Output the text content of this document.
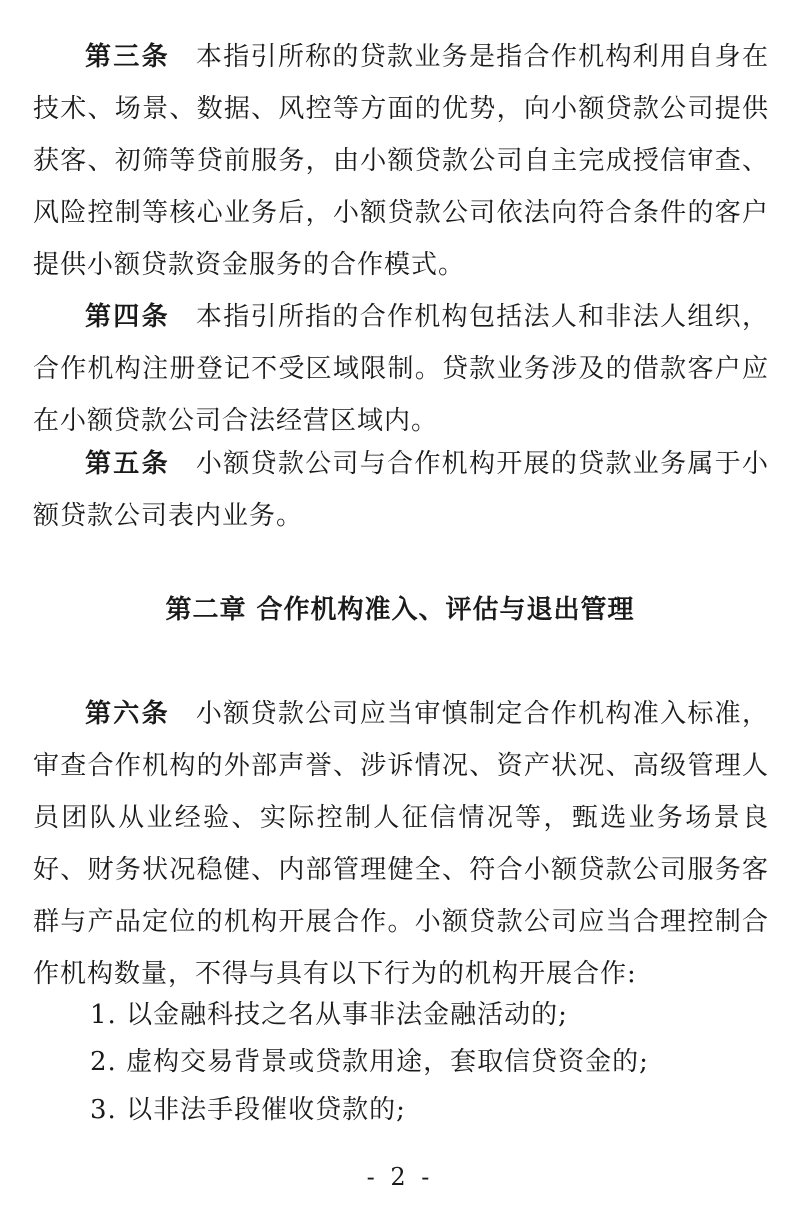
第三条 本指引所称的贷款业务是指合作机构利用自身在技术、场景、数据、风控等方面的优势，向小额贷款公司提供获客、初筛等贷前服务，由小额贷款公司自主完成授信审查、风险控制等核心业务后，小额贷款公司依法向符合条件的客户提供小额贷款资金服务的合作模式。

第四条 本指引所指的合作机构包括法人和非法人组织，合作机构注册登记不受区域限制。贷款业务涉及的借款客户应在小额贷款公司合法经营区域内。

第五条 小额贷款公司与合作机构开展的贷款业务属于小额贷款公司表内业务。

第二章 合作机构准入、评估与退出管理

第六条 小额贷款公司应当审慎制定合作机构准入标准，审查合作机构的外部声誉、涉诉情况、资产状况、高级管理人员团队从业经验、实际控制人征信情况等，甄选业务场景良好、财务状况稳健、内部管理健全、符合小额贷款公司服务客群与产品定位的机构开展合作。小额贷款公司应当合理控制合作机构数量，不得与具有以下行为的机构开展合作:

1. 以金融科技之名从事非法金融活动的;

2. 虚构交易背景或贷款用途，套取信贷资金的;

3. 以非法手段催收贷款的;

- 2 -
